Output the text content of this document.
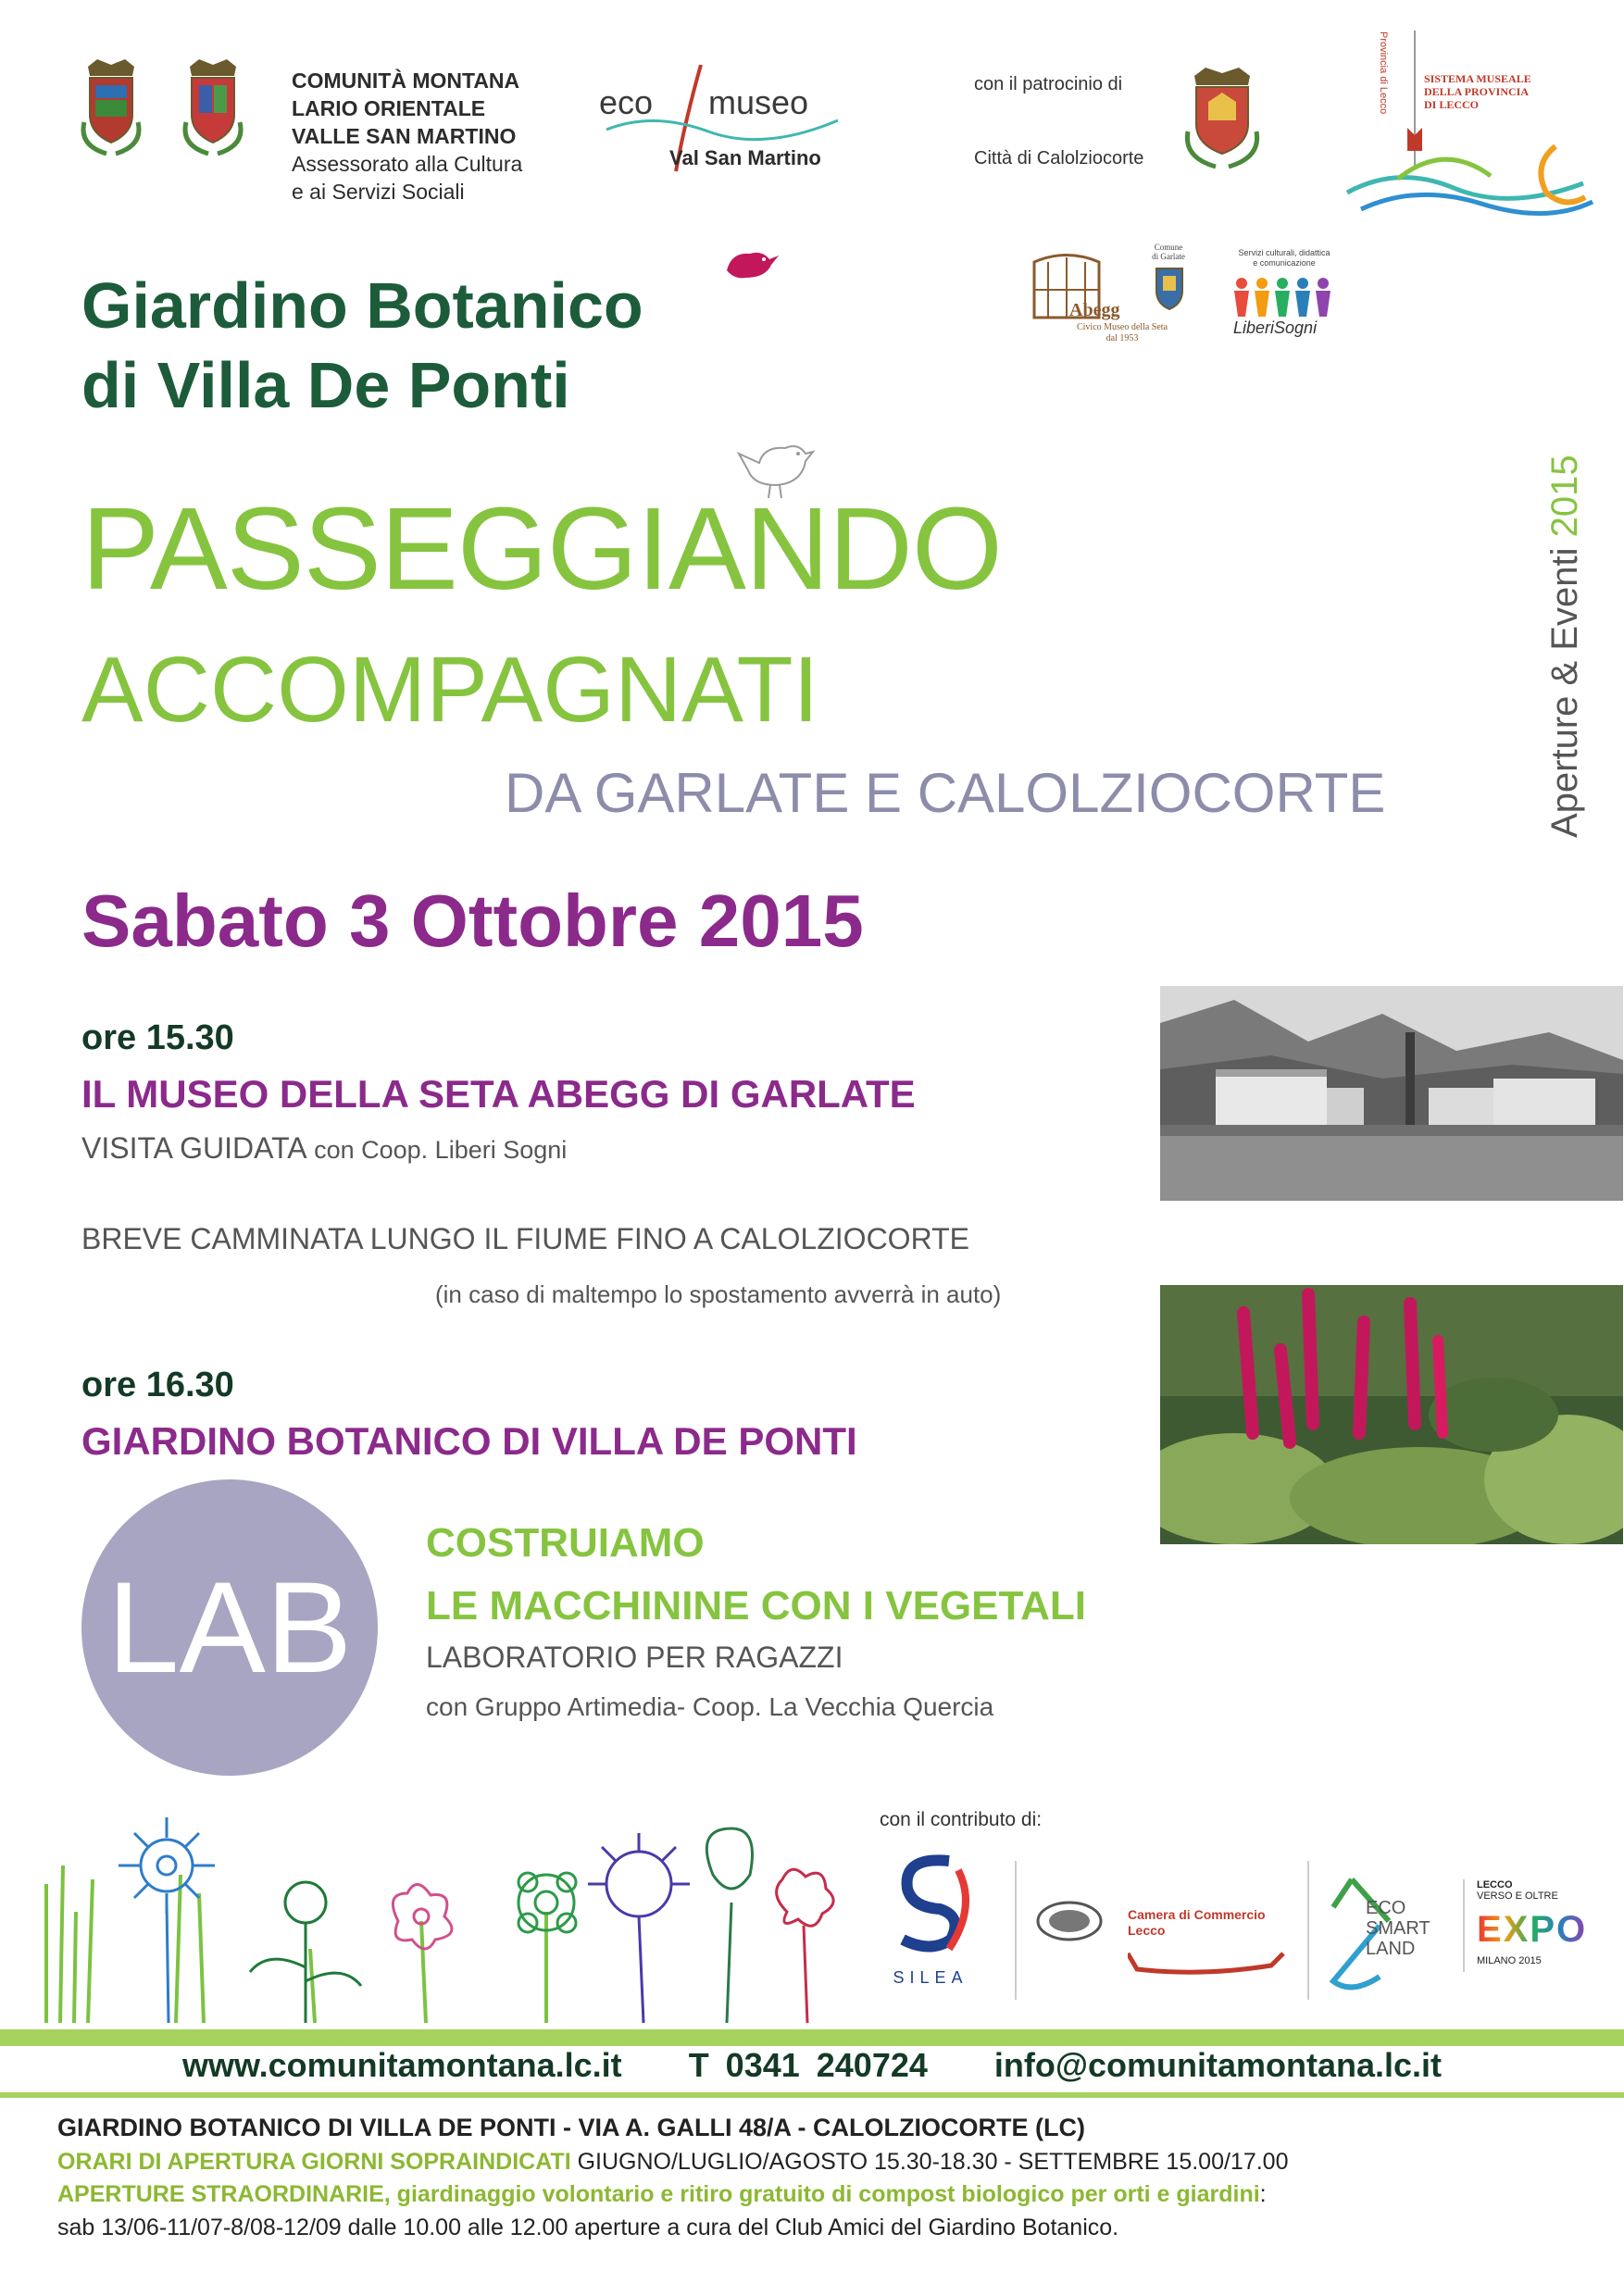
COMUNITÀ MONTANA
LARIO ORIENTALE
VALLE SAN MARTINO
Assessorato alla Cultura
e ai Servizi Sociali
eco museo
Val San Martino
con il patrocinio di
Città di Calolziocorte
Provincia di Lecco	SISTEMA MUSEALE
DELLA PROVINCIA
DI LECCO
Abegg
Civico Museo della Seta
dal 1953
Comune
di Garlate	Servizi culturali, didattica
e comunicazione
LiberiSogni
Giardino Botanico
di Villa De Ponti
PASSEGGIANDO
ACCOMPAGNATI
DA GARLATE E CALOLZIOCORTE	Aperture & Eventi 2015
Sabato 3 Ottobre 2015
ore 15.30
IL MUSEO DELLA SETA ABEGG DI GARLATE
VISITA GUIDATA con Coop. Liberi Sogni
BREVE CAMMINATA LUNGO IL FIUME FINO A CALOLZIOCORTE
(in caso di maltempo lo spostamento avverrà in auto)
ore 16.30
GIARDINO BOTANICO DI VILLA DE PONTI
LAB
COSTRUIAMO
LE MACCHININE CON I VEGETALI
LABORATORIO PER RAGAZZI
con Gruppo Artimedia- Coop. La Vecchia Quercia
con il contributo di:
SILEA
Camera di Commercio
Lecco
ECO
SMART
LAND
LECCO
VERSO E OLTRE
EXPO
MILANO 2015
www.comunitamontana.lc.it T 0341 240724 info@comunitamontana.lc.it
GIARDINO BOTANICO DI VILLA DE PONTI - VIA A. GALLI 48/A - CALOLZIOCORTE (LC)
ORARI DI APERTURA GIORNI SOPRAINDICATI GIUGNO/LUGLIO/AGOSTO 15.30-18.30 - SETTEMBRE 15.00/17.00
APERTURE STRAORDINARIE, giardinaggio volontario e ritiro gratuito di compost biologico per orti e giardini:
sab 13/06-11/07-8/08-12/09 dalle 10.00 alle 12.00 aperture a cura del Club Amici del Giardino Botanico.
